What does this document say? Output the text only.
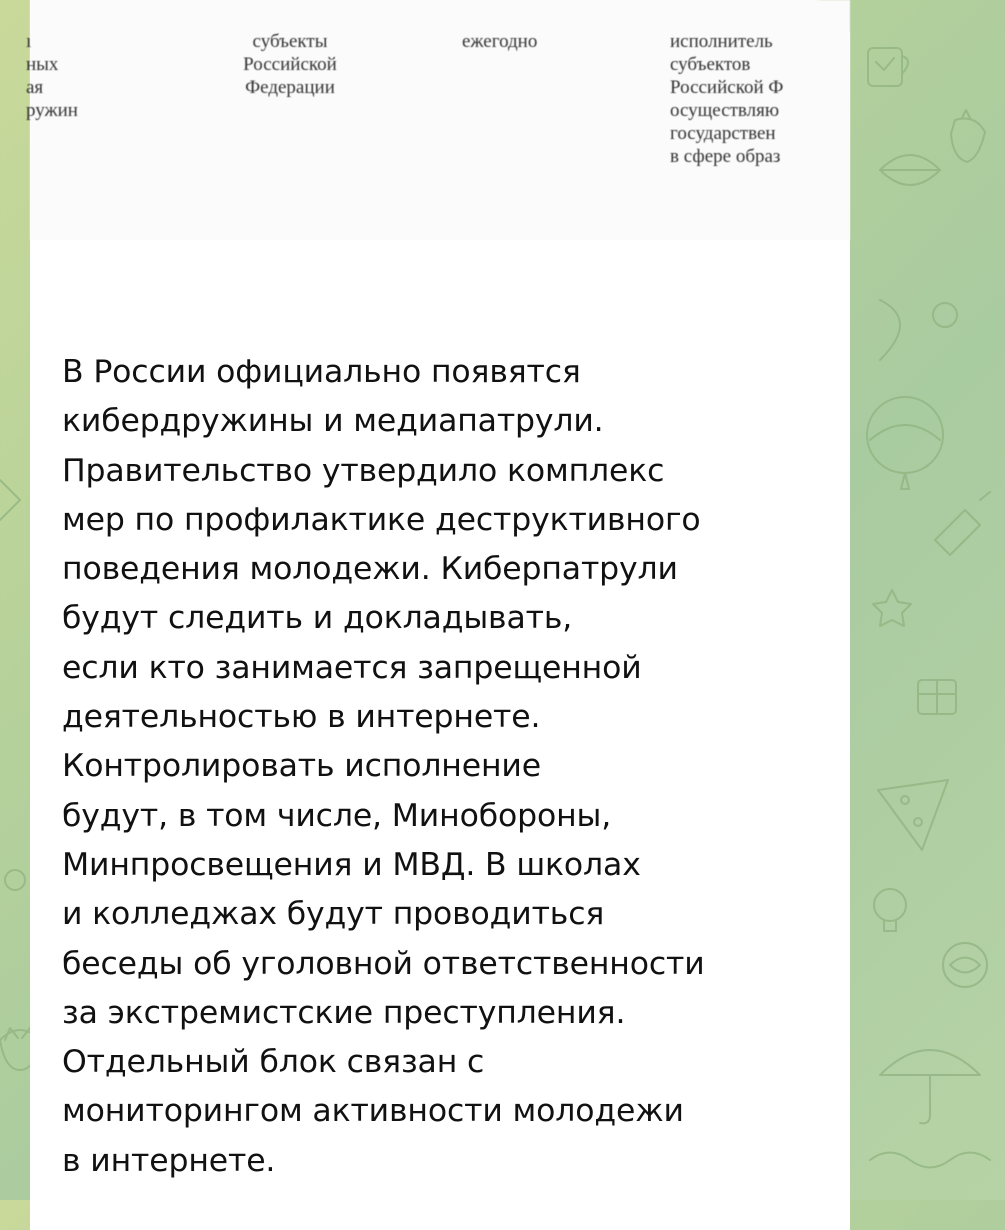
ı
ных
ая
ружин
субъекты
Российской
Федерации
ежегодно	исполнитель
субъектов
Российской Ф
осуществляю
государствен
в сфере образ
В России официально появятся
кибердружины и медиапатрули.
Правительство утвердило комплекс
мер по профилактике деструктивного
поведения молодежи. Киберпатрули
будут следить и докладывать,
если кто занимается запрещенной
деятельностью в интернете.
Контролировать исполнение
будут, в том числе, Минобороны,
Минпросвещения и МВД. В школах
и колледжах будут проводиться
беседы об уголовной ответственности
за экстремистские преступления.
Отдельный блок связан с
мониторингом активности молодежи
в интернете.
